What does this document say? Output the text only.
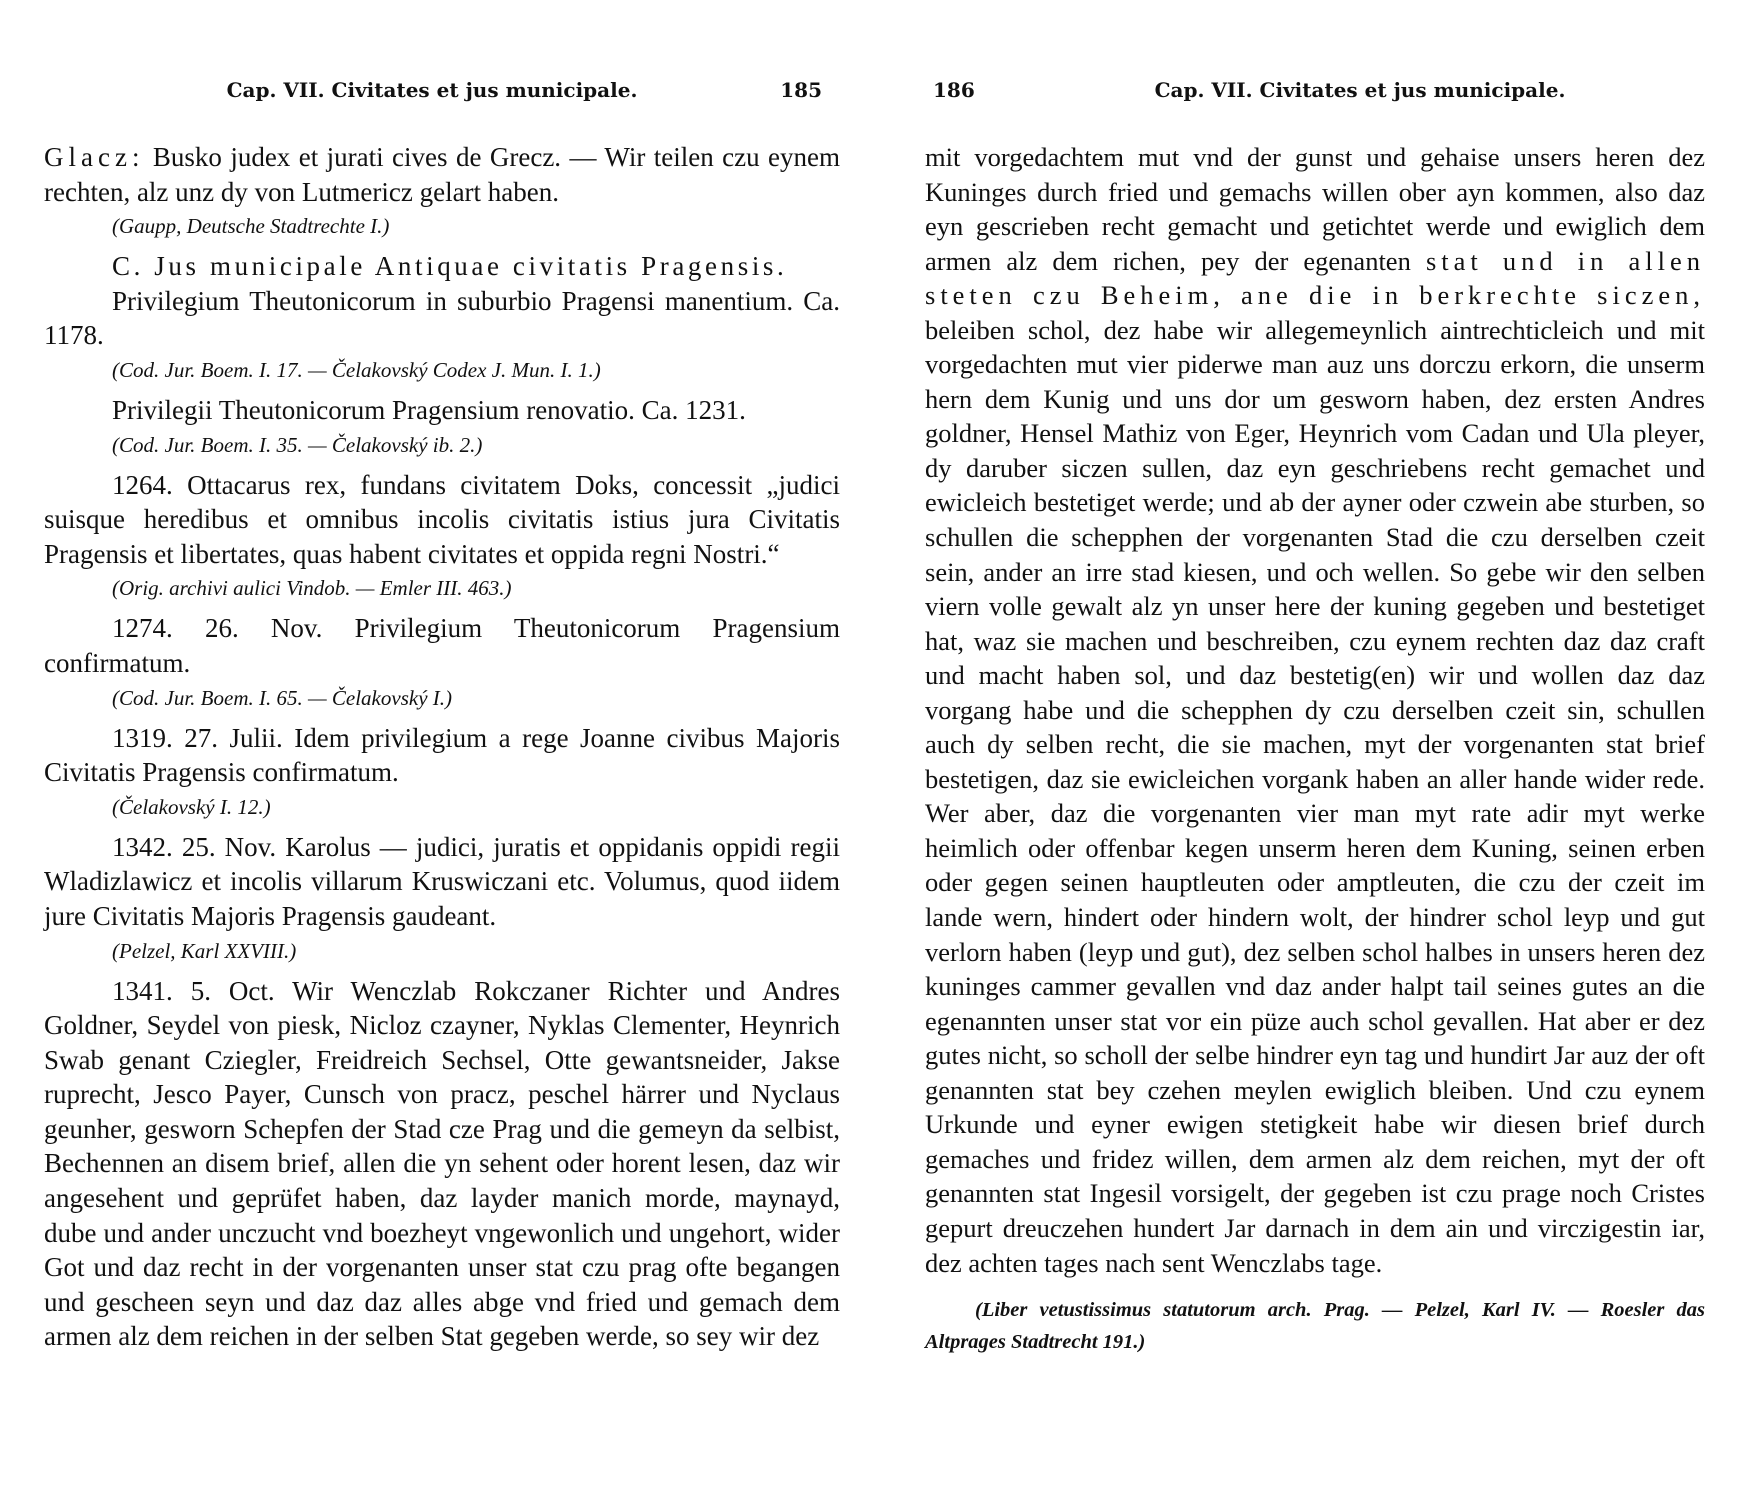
Cap. VII. Civitates et jus municipale.	185

Glacz: Busko judex et jurati cives de Grecz. — Wir teilen czu eynem rechten, alz unz dy von Lutmericz gelart haben.

(Gaupp, Deutsche Stadtrechte I.)

C. Jus municipale Antiquae civitatis Pragensis.

Privilegium Theutonicorum in suburbio Pragensi manentium. Ca. 1178.

(Cod. Jur. Boem. I. 17. — Čelakovský Codex J. Mun. I. 1.)

Privilegii Theutonicorum Pragensium renovatio. Ca. 1231.

(Cod. Jur. Boem. I. 35. — Čelakovský ib. 2.)

1264. Ottacarus rex, fundans civitatem Doks, concessit „judici suisque heredibus et omnibus incolis civitatis istius jura Civitatis Pragensis et libertates, quas habent civitates et oppida regni Nostri.“

(Orig. archivi aulici Vindob. — Emler III. 463.)

1274. 26. Nov. Privilegium Theutonicorum Pragensium confirmatum.

(Cod. Jur. Boem. I. 65. — Čelakovský I.)

1319. 27. Julii. Idem privilegium a rege Joanne civibus Majoris Civitatis Pragensis confirmatum.

(Čelakovský I. 12.)

1342. 25. Nov. Karolus — judici, juratis et oppidanis oppidi regii Wladizlawicz et incolis villarum Kruswiczani etc. Volumus, quod iidem jure Civitatis Majoris Pragensis gaudeant.

(Pelzel, Karl XXVIII.)

1341. 5. Oct. Wir Wenczlab Rokczaner Richter und Andres Goldner, Seydel von piesk, Nicloz czayner, Nyklas Clementer, Heynrich Swab genant Cziegler, Freidreich Sechsel, Otte gewantsneider, Jakse ruprecht, Jesco Payer, Cunsch von pracz, peschel härrer und Nyclaus geunher, gesworn Schepfen der Stad cze Prag und die gemeyn da selbist, Bechennen an disem brief, allen die yn sehent oder horent lesen, daz wir angesehent und geprüfet haben, daz layder manich morde, maynayd, dube und ander unczucht vnd boezheyt vngewonlich und ungehort, wider Got und daz recht in der vorgenanten unser stat czu prag ofte begangen und gescheen seyn und daz daz alles abge vnd fried und gemach dem armen alz dem reichen in der selben Stat gegeben werde, so sey wir dez

186	Cap. VII. Civitates et jus municipale.

mit vorgedachtem mut vnd der gunst und gehaise unsers heren dez Kuninges durch fried und gemachs willen ober ayn kommen, also daz eyn gescrieben recht gemacht und getichtet werde und ewiglich dem armen alz dem richen, pey der egenanten stat und in allen steten czu Beheim, ane die in berkrechte siczen, beleiben schol, dez habe wir allegemeynlich aintrechticleich und mit vorgedachten mut vier piderwe man auz uns dorczu erkorn, die unserm hern dem Kunig und uns dor um gesworn haben, dez ersten Andres goldner, Hensel Mathiz von Eger, Heynrich vom Cadan und Ula pleyer, dy daruber siczen sullen, daz eyn geschriebens recht gemachet und ewicleich bestetiget werde; und ab der ayner oder czwein abe sturben, so schullen die schepphen der vorgenanten Stad die czu derselben czeit sein, ander an irre stad kiesen, und och wellen. So gebe wir den selben viern volle gewalt alz yn unser here der kuning gegeben und bestetiget hat, waz sie machen und beschreiben, czu eynem rechten daz daz craft und macht haben sol, und daz bestetig(en) wir und wollen daz daz vorgang habe und die schepphen dy czu derselben czeit sin, schullen auch dy selben recht, die sie machen, myt der vorgenanten stat brief bestetigen, daz sie ewicleichen vorgank haben an aller hande wider rede. Wer aber, daz die vorgenanten vier man myt rate adir myt werke heimlich oder offenbar kegen unserm heren dem Kuning, seinen erben oder gegen seinen hauptleuten oder amptleuten, die czu der czeit im lande wern, hindert oder hindern wolt, der hindrer schol leyp und gut verlorn haben (leyp und gut), dez selben schol halbes in unsers heren dez kuninges cammer gevallen vnd daz ander halpt tail seines gutes an die egenannten unser stat vor ein püze auch schol gevallen. Hat aber er dez gutes nicht, so scholl der selbe hindrer eyn tag und hundirt Jar auz der oft genannten stat bey czehen meylen ewiglich bleiben. Und czu eynem Urkunde und eyner ewigen stetigkeit habe wir diesen brief durch gemaches und fridez willen, dem armen alz dem reichen, myt der oft genannten stat Ingesil vorsigelt, der gegeben ist czu prage noch Cristes gepurt dreuczehen hundert Jar darnach in dem ain und virczigestin iar, dez achten tages nach sent Wenczlabs tage.

(Liber vetustissimus statutorum arch. Prag. — Pelzel, Karl IV. — Roesler das Altprages Stadtrecht 191.)
